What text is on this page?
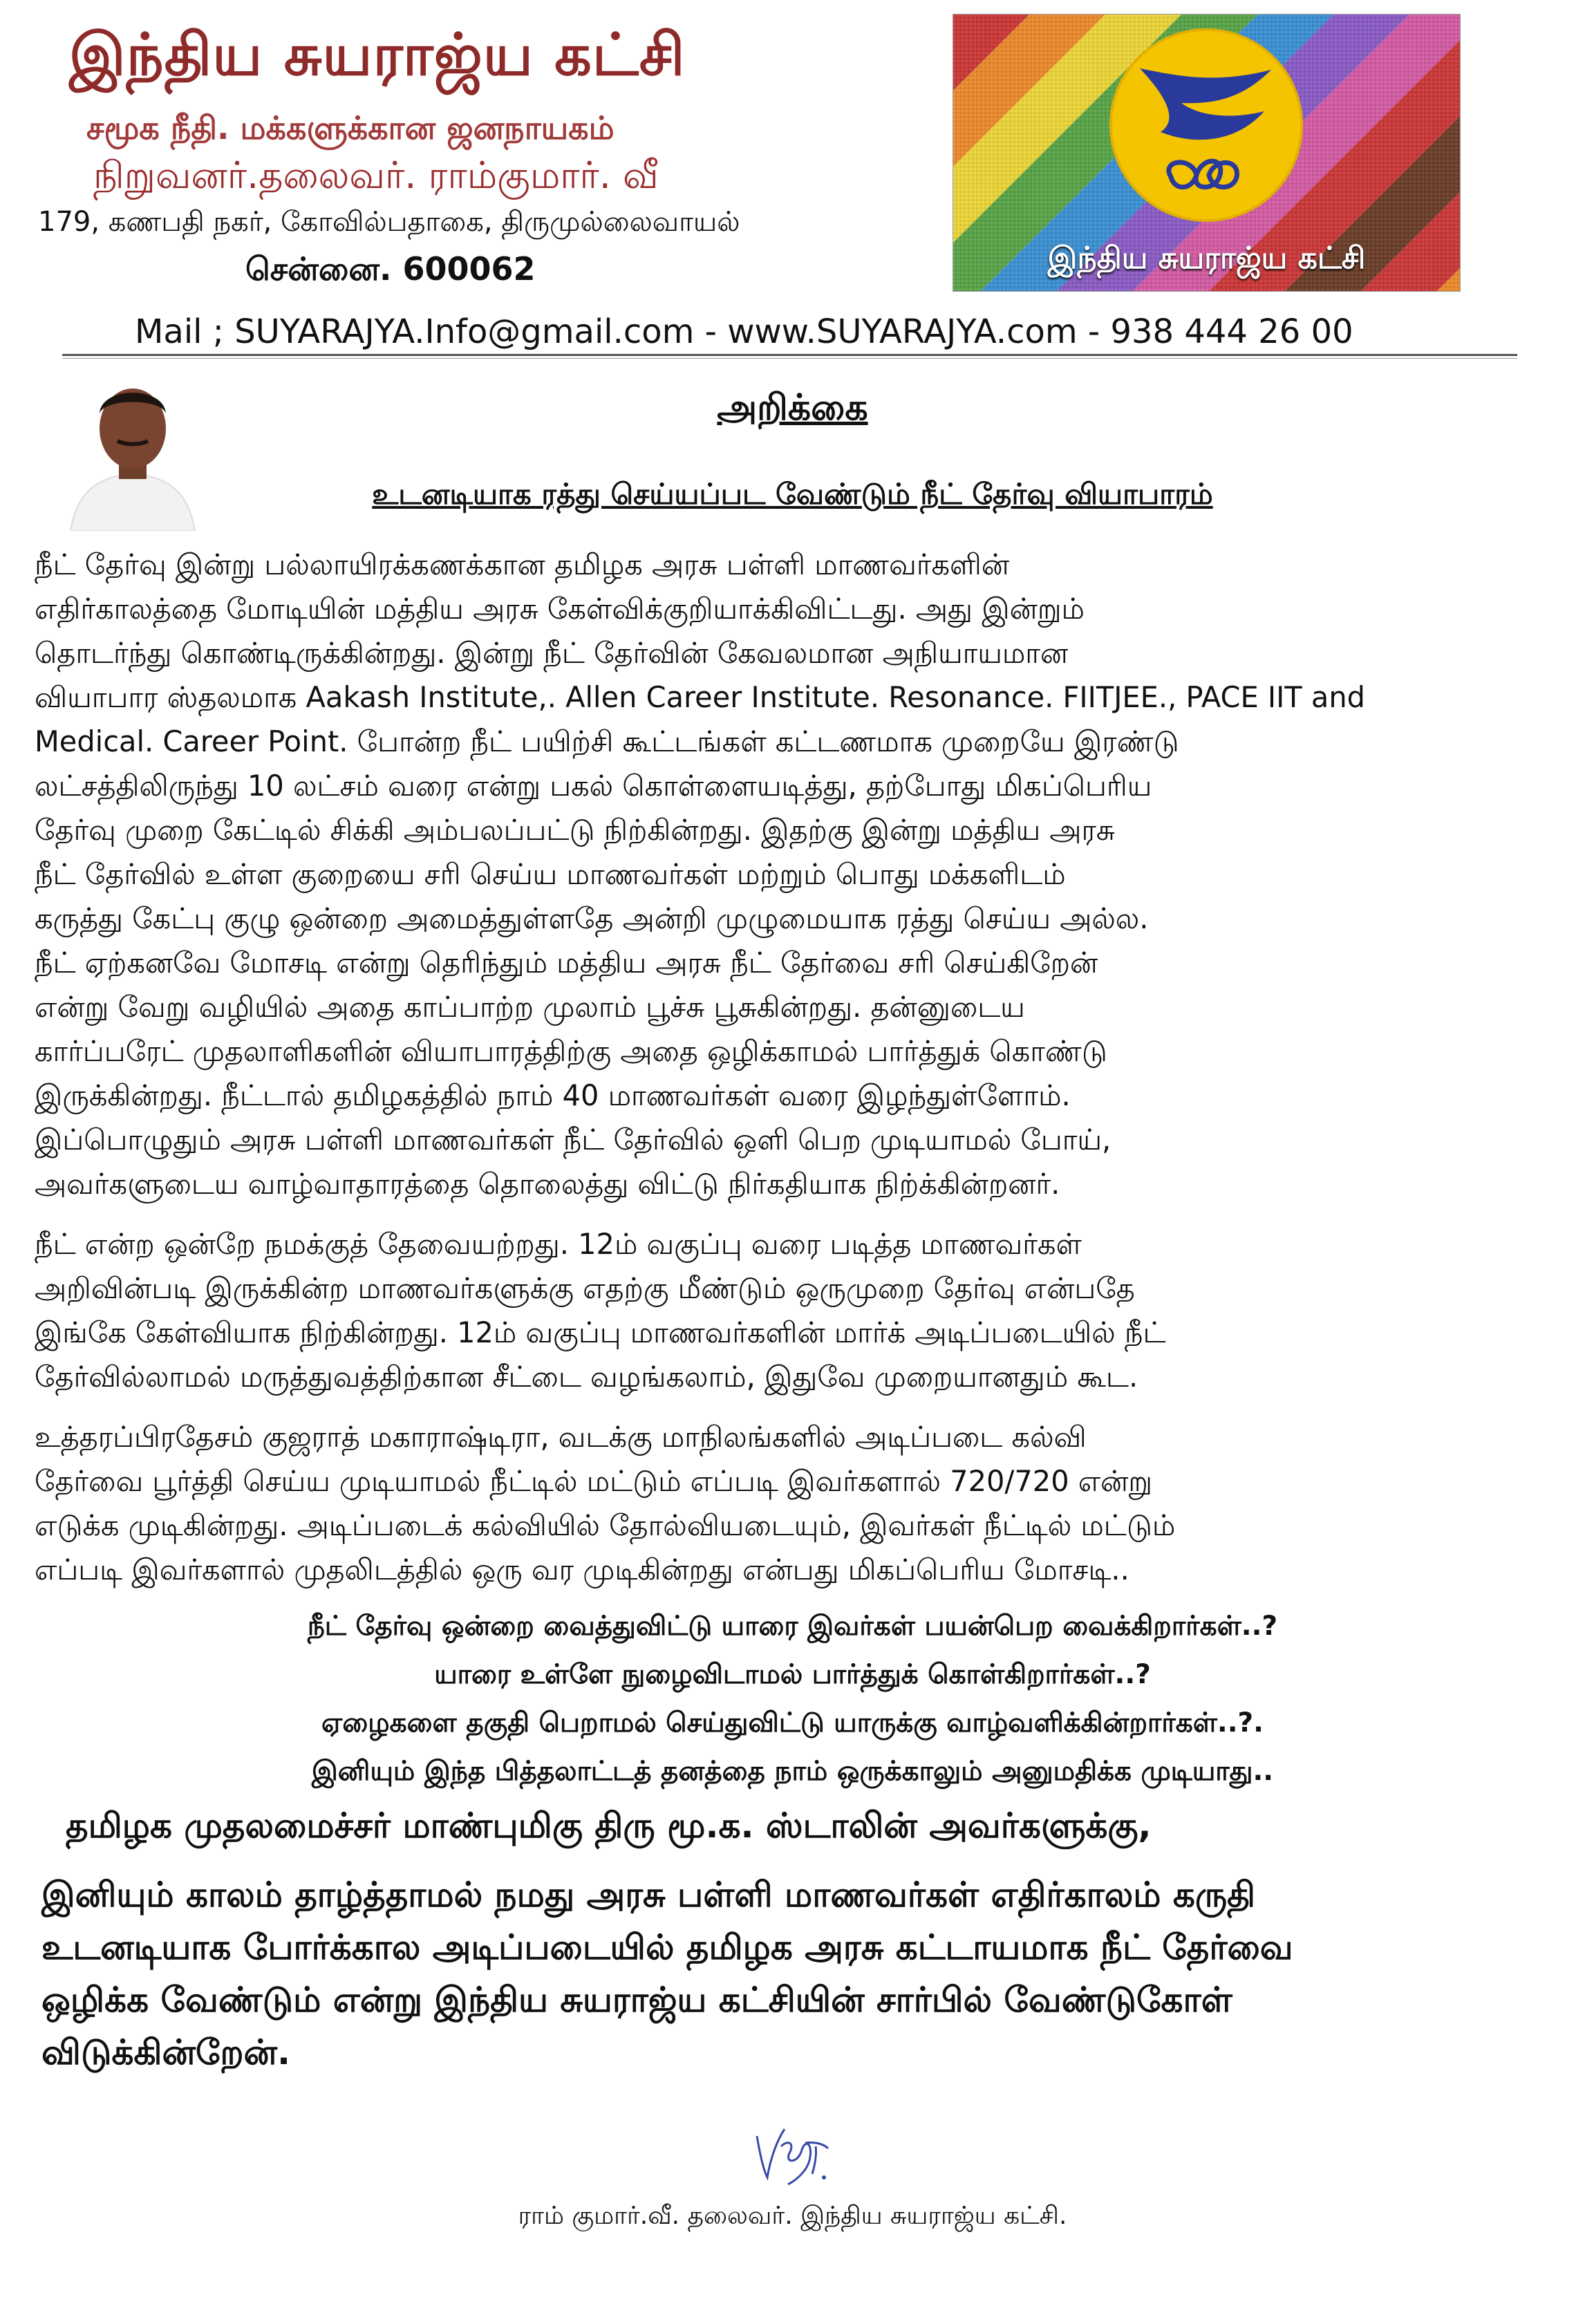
இந்திய சுயராஜ்ய கட்சி
சமூக நீதி. மக்களுக்கான ஜனநாயகம்
நிறுவனர்.தலைவர். ராம்குமார். வீ
179, கணபதி நகர், கோவில்பதாகை, திருமுல்லைவாயல்
சென்னை. 600062	இந்திய சுயராஜ்ய கட்சி
Mail ; SUYARAJYA.Info@gmail.com - www.SUYARAJYA.com - 938 444 26 00
அறிக்கை
உடனடியாக ரத்து செய்யப்பட வேண்டும் நீட் தேர்வு வியாபாரம்
நீட் தேர்வு இன்று பல்லாயிரக்கணக்கான தமிழக அரசு பள்ளி மாணவர்களின்
எதிர்காலத்தை மோடியின் மத்திய அரசு கேள்விக்குறியாக்கிவிட்டது. அது இன்றும்
தொடர்ந்து கொண்டிருக்கின்றது. இன்று நீட் தேர்வின் கேவலமான அநியாயமான
வியாபார ஸ்தலமாக Aakash Institute,. Allen Career Institute. Resonance. FIITJEE., PACE IIT and
Medical. Career Point. போன்ற நீட் பயிற்சி கூட்டங்கள் கட்டணமாக முறையே இரண்டு
லட்சத்திலிருந்து 10 லட்சம் வரை என்று பகல் கொள்ளையடித்து, தற்போது மிகப்பெரிய
தேர்வு முறை கேட்டில் சிக்கி அம்பலப்பட்டு நிற்கின்றது. இதற்கு இன்று மத்திய அரசு
நீட் தேர்வில் உள்ள குறையை சரி செய்ய மாணவர்கள் மற்றும் பொது மக்களிடம்
கருத்து கேட்பு குழு ஒன்றை அமைத்துள்ளதே அன்றி முழுமையாக ரத்து செய்ய அல்ல.
நீட் ஏற்கனவே மோசடி என்று தெரிந்தும் மத்திய அரசு நீட் தேர்வை சரி செய்கிறேன்
என்று வேறு வழியில் அதை காப்பாற்ற முலாம் பூச்சு பூசுகின்றது. தன்னுடைய
கார்ப்பரேட் முதலாளிகளின் வியாபாரத்திற்கு அதை ஒழிக்காமல் பார்த்துக் கொண்டு
இருக்கின்றது. நீட்டால் தமிழகத்தில் நாம் 40 மாணவர்கள் வரை இழந்துள்ளோம்.
இப்பொழுதும் அரசு பள்ளி மாணவர்கள் நீட் தேர்வில் ஒளி பெற முடியாமல் போய்,
அவர்களுடைய வாழ்வாதாரத்தை தொலைத்து விட்டு நிர்கதியாக நிற்க்கின்றனர்.
நீட் என்ற ஒன்றே நமக்குத் தேவையற்றது. 12ம் வகுப்பு வரை படித்த மாணவர்கள்
அறிவின்படி இருக்கின்ற மாணவர்களுக்கு எதற்கு மீண்டும் ஒருமுறை தேர்வு என்பதே
இங்கே கேள்வியாக நிற்கின்றது. 12ம் வகுப்பு மாணவர்களின் மார்க் அடிப்படையில் நீட்
தேர்வில்லாமல் மருத்துவத்திற்கான சீட்டை வழங்கலாம், இதுவே முறையானதும் கூட.
உத்தரப்பிரதேசம் குஜராத் மகாராஷ்டிரா, வடக்கு மாநிலங்களில் அடிப்படை கல்வி
தேர்வை பூர்த்தி செய்ய முடியாமல் நீட்டில் மட்டும் எப்படி இவர்களால் 720/720 என்று
எடுக்க முடிகின்றது. அடிப்படைக் கல்வியில் தோல்வியடையும், இவர்கள் நீட்டில் மட்டும்
எப்படி இவர்களால் முதலிடத்தில் ஒரு வர முடிகின்றது என்பது மிகப்பெரிய மோசடி..
நீட் தேர்வு ஒன்றை வைத்துவிட்டு யாரை இவர்கள் பயன்பெற வைக்கிறார்கள்..?
யாரை உள்ளே நுழைவிடாமல் பார்த்துக் கொள்கிறார்கள்..?
ஏழைகளை தகுதி பெறாமல் செய்துவிட்டு யாருக்கு வாழ்வளிக்கின்றார்கள்..?.
இனியும் இந்த பித்தலாட்டத் தனத்தை நாம் ஒருக்காலும் அனுமதிக்க முடியாது..
தமிழக முதலமைச்சர் மாண்புமிகு திரு மூ.க. ஸ்டாலின் அவர்களுக்கு,
இனியும் காலம் தாழ்த்தாமல் நமது அரசு பள்ளி மாணவர்கள் எதிர்காலம் கருதி
உடனடியாக போர்க்கால அடிப்படையில் தமிழக அரசு கட்டாயமாக நீட் தேர்வை
ஒழிக்க வேண்டும் என்று இந்திய சுயராஜ்ய கட்சியின் சார்பில் வேண்டுகோள்
விடுக்கின்றேன்.
ராம் குமார்.வீ. தலைவர். இந்திய சுயராஜ்ய கட்சி.
